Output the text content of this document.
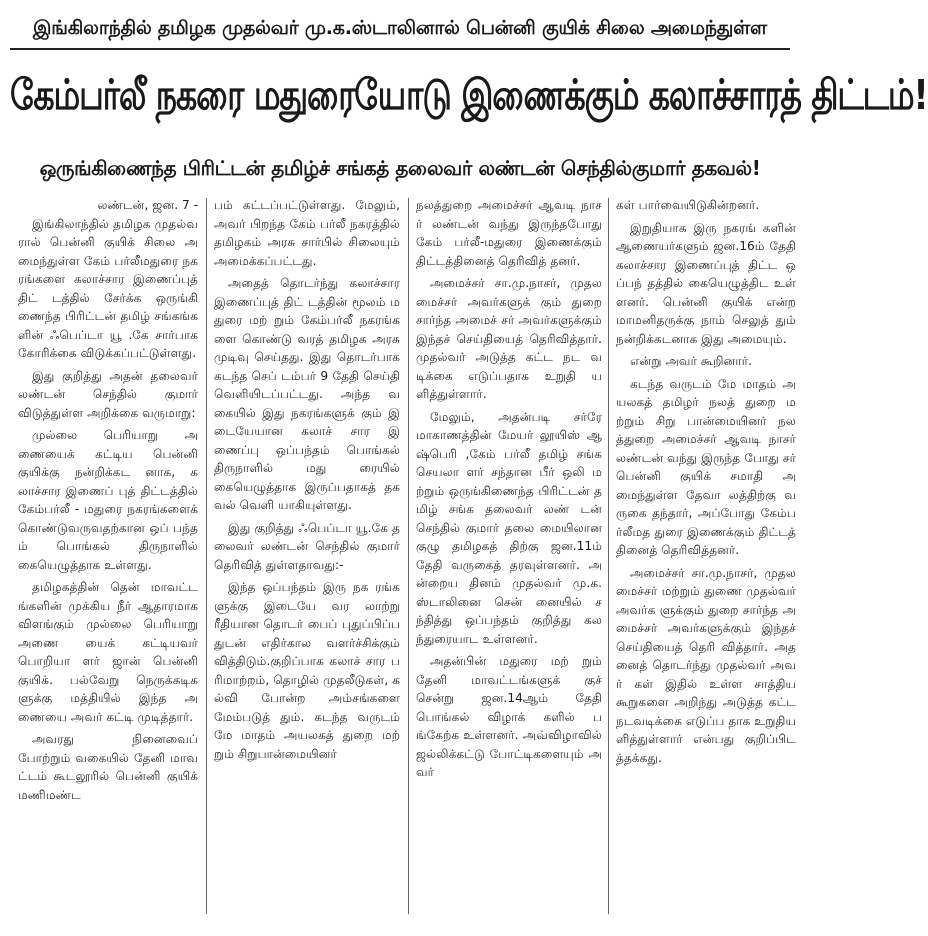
இங்கிலாந்தில் தமிழக முதல்வர் மு.க.ஸ்டாலினால் பென்னி குயிக் சிலை அமைந்துள்ள
கேம்பர்லீ நகரை மதுரையோடு இணைக்கும் கலாச்சாரத் திட்டம்!
ஒருங்கிணைந்த பிரிட்டன் தமிழ்ச் சங்கத் தலைவர் லண்டன் செந்தில்குமார் தகவல்!

லண்டன், ஜன. 7 -

இங்கிலாந்தில் தமிழக முதல்வரால் பென்னி குயிக் சிலை அமைந்துள்ள கேம் பர்லீமதுரை நகரங்களை கலாச்சார இணைப்புத் திட் டத்தில் சேர்க்க ஒருங்கி ணைந்த பிரிட்டன் தமிழ் சங்கங்களின் ஃபெப்டா யூ .கே சார்பாக கோரிக்கை விடுக்கப்பட்டுள்ளது.

இது குறித்து அதன் தலைவர் லண்டன் செந்தில் குமார் விடுத்துள்ள அறிக்கை வருமாறு:

முல்லை பெரியாறு அணையைக் கட்டிய பென்னி குயிக்கு நன்றிக்கட னாக, கலாச்சார இணைப் புத் திட்டத்தில் கேம்பர்லீ - மதுரை நகரங்களைக் கொண்டுவருவதற்கான ஒப் பந்தம் பொங்கல் திருநாளில் கையெழுத்தாக உள்ளது.

தமிழகத்தின் தென் மாவட்டங்களின் முக்கிய நீர் ஆதாரமாக விளங்கும் முல்லை பெரியாறு அணை யைக் கட்டியவர் பொறியா ளர் ஜான் பென்னி குயிக். பல்வேறு நெருக்கடிகளுக்கு மத்தியில் இந்த அணையை அவர் கட்டி முடித்தார்.

அவரது நினைவைப் போற்றும் வகையில் தேனி மாவட்டம் கூடலூரில் பென்னி குயிக் மணிமண்ட

பம் கட்டப்பட்டுள்ளது. மேலும், அவர் பிறந்த கேம் பர்லீ நகரத்தில் தமிழகம் அரசு சார்பில் சிலையும் அமைக்கப்பட்டது.

அதைத் தொடர்ந்து கலாச்சார இணைப்புத் திட் டத்தின் மூலம் மதுரை மற் றும் கேம்பர்லீ நகரங்களை கொண்டு வரத் தமிழக அரசு முடிவு செய்தது. இது தொடர்பாக கடந்த செப் டம்பர் 9 தேதி செய்தி வெளியிடப்பட்டது. அந்த வகையில் இது நகரங்களுக் கும் இடையேயான கலாச் சார இணைப்பு ஒப்பந்தம் பொங்கல் திருநாளில் மது ரையில் கையெழுத்தாக இருப்பதாகத் தகவல் வெளி யாகியுள்ளது.

இது குறித்து ஃபெப்டா யூ.கே தலைவர் லண்டன் செந்தில் குமார் தெரிவித் துள்ளதாவது:-

இந்த ஒப்பந்தம் இரு நக ரங்களுக்கு இடையே வர லாற்று ரீதியான தொடர் பைப் புதுப்பிப்பதுடன் எதிர்கால வளர்ச்சிக்கும் வித்திடும்.குறிப்பாக கலாச் சார பரிமாற்றம், தொழில் முதலீடுகள், கல்வி போன்ற அம்சங்களை மேம்படுத் தும். கடந்த வருடம் மே மாதம் அயலகத் துறை மற் றும் சிறுபான்மையினர்

நலத்துறை அமைச்சர் ஆவடி நாசர் லண்டன் வந்து இருந்தபோது கேம் பர்லீ-மதுரை இணைக்கும் திட்டத்தினைத் தெரிவித் தனர்.

அமைச்சர் சா.மு.நாசர், முதலமைச்சர் அவர்களுக் கும் துறை சார்ந்த அமைச் சர் அவர்களுக்கும் இந்தச் செய்தியைத் தெரிவித்தார். முதல்வர் அடுத்த கட்ட நட வடிக்கை எடுப்பதாக உறுதி யளித்துள்ளார்.

மேலும், அதன்படி சர்ரே மாகாணத்தின் மேயர் லூயிஸ் ஆஷ்பெரி ,கேம் பர்லீ தமிழ் சங்க செயலா ளர் சந்தான பீர் ஒலி மற்றும் ஒருங்கிணைந்த பிரிட்டன் தமிழ் சங்க தலைவர் லண் டன் செந்தில் குமார் தலை மையிலான குழு தமிழகத் திற்கு ஜன.11ம் தேதி வருகைத் தரவுள்ளனர். அன்றைய தினம் முதல்வர் மு.க.ஸ்டாலினை சென் னையில் சந்தித்து ஒப்பந்தம் குறித்து கலந்துரையாட உள்ளனர்.

அதன்பின் மதுரை மற் றும் தேனி மாவட்டங்களுக் குச் சென்று ஜன.14ஆம் தேதி பொங்கல் விழாக் களில் பங்கேற்க உள்ளனர். அவ்விழாவில் ஜல்லிக்கட்டு போட்டிகளையும் அவர்

கள் பார்வையிடுகின்றனர்.

இறுதியாக இரு நகரங் களின் ஆணையர்களும் ஜன.16ம் தேதி கலாச்சார இணைப்புத் திட்ட ஒப்பந் தத்தில் கையெழுத்திட உள் ளனர். பென்னி குயிக் என்ற மாமனிதருக்கு நாம் செலுத் தும் நன்றிக்கடனாக இது அமையும்.

என்று அவர் கூறினார்.

கடந்த வருடம் மே மாதம் அயலகத் தமிழர் நலத் துறை மற்றும் சிறு பான்மையினர் நலத்துறை அமைச்சர் ஆவடி நாசர் லண்டன் வந்து இருந்த போது சர் பென்னி குயிக் சமாதி அமைந்துள்ள தேவா லத்திற்கு வருகை தந்தார், அப்போது கேம்பர்லீமத துரை இணைக்கும் திட்டத் தினைத் தெரிவித்தனர்.

அமைச்சர் சா.மு.நாசர், முதலமைச்சர் மற்றும் துணை முதல்வர் அவர்க ளுக்கும் துறை சார்ந்த அமைச்சர் அவர்களுக்கும் இந்தச் செய்தியைத் தெரி வித்தார். அதனைத் தொடர்ந்து முதல்வர் அவர் கள் இதில் உள்ள சாத்திய கூறுகளை அறிந்து அடுத்த கட்ட நடவடிக்கை எடுப்ப தாக உறுதியளித்துள்ளார் என்பது குறிப்பிடத்தக்கது.
